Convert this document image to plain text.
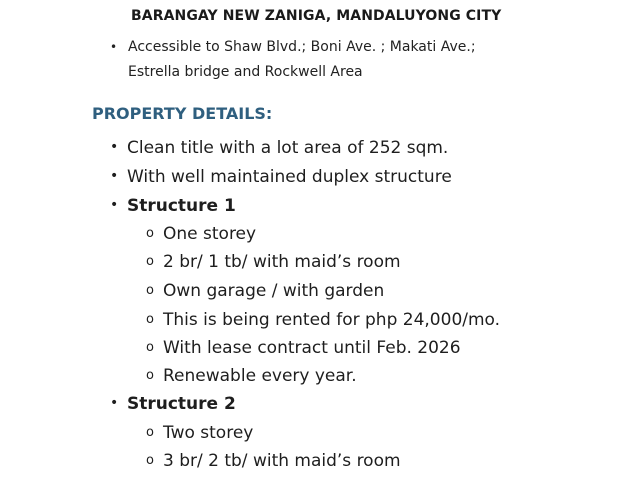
BARANGAY NEW ZANIGA, MANDALUYONG CITY
• Accessible to Shaw Blvd.; Boni Ave. ; Makati Ave.;
Estrella bridge and Rockwell Area
PROPERTY DETAILS:
• Clean title with a lot area of 252 sqm.
• With well maintained duplex structure
• Structure 1
o One storey
o 2 br/ 1 tb/ with maid’s room
o Own garage / with garden
o This is being rented for php 24,000/mo.
o With lease contract until Feb. 2026
o Renewable every year.
• Structure 2
o Two storey
o 3 br/ 2 tb/ with maid’s room
